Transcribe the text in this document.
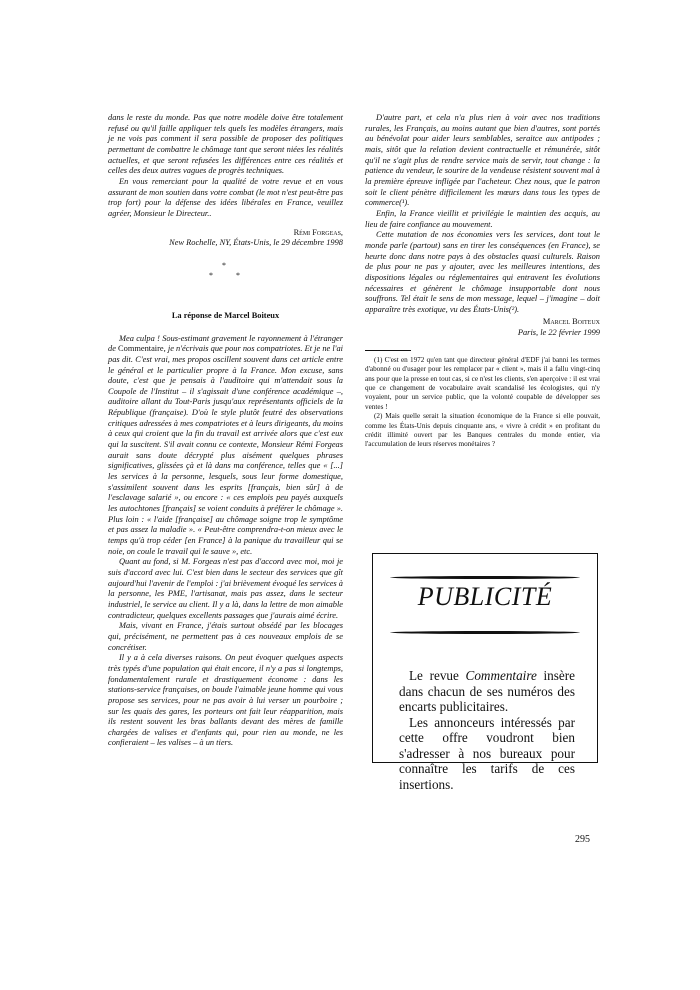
dans le reste du monde. Pas que notre modèle doive être totalement refusé ou qu'il faille appliquer tels quels les modèles étrangers, mais je ne vois pas comment il sera possible de proposer des politiques permettant de combattre le chômage tant que seront niées les réalités actuelles, et que seront refusées les différences entre ces réalités et celles des deux autres vagues de progrès techniques.

En vous remerciant pour la qualité de votre revue et en vous assurant de mon soutien dans votre combat (le mot n'est peut-être pas trop fort) pour la défense des idées libérales en France, veuillez agréer, Monsieur le Directeur..

Rémi Forgeas,

New Rochelle, NY, États-Unis, le 29 décembre 1998

*
*	*
La réponse de Marcel Boiteux

Mea culpa ! Sous-estimant gravement le rayonnement à l'étranger de Commentaire, je n'écrivais que pour nos compatriotes. Et je ne l'ai pas dit. C'est vrai, mes propos oscillent souvent dans cet article entre le général et le particulier propre à la France. Mon excuse, sans doute, c'est que je pensais à l'auditoire qui m'attendait sous la Coupole de l'Institut – il s'agissait d'une conférence académique –, auditoire allant du Tout-Paris jusqu'aux représentants officiels de la République (française). D'où le style plutôt feutré des observations critiques adressées à mes compatriotes et à leurs dirigeants, du moins à ceux qui croient que la fin du travail est arrivée alors que c'est eux qui la suscitent. S'il avait connu ce contexte, Monsieur Rémi Forgeas aurait sans doute décrypté plus aisément quelques phrases significatives, glissées çà et là dans ma conférence, telles que « [...] les services à la personne, lesquels, sous leur forme domestique, s'assimilent souvent dans les esprits [français, bien sûr] à de l'esclavage salarié », ou encore : « ces emplois peu payés auxquels les autochtones [français] se voient conduits à préférer le chômage ». Plus loin : « l'aide [française] au chômage soigne trop le symptôme et pas assez la maladie ». « Peut-être comprendra-t-on mieux avec le temps qu'à trop céder [en France] à la panique du travailleur qui se noie, on coule le travail qui le sauve », etc.

Quant au fond, si M. Forgeas n'est pas d'accord avec moi, moi je suis d'accord avec lui. C'est bien dans le secteur des services que gît aujourd'hui l'avenir de l'emploi : j'ai brièvement évoqué les services à la personne, les PME, l'artisanat, mais pas assez, dans le secteur industriel, le service au client. Il y a là, dans la lettre de mon aimable contradicteur, quelques excellents passages que j'aurais aimé écrire.

Mais, vivant en France, j'étais surtout obsédé par les blocages qui, précisément, ne permettent pas à ces nouveaux emplois de se concrétiser.

Il y a à cela diverses raisons. On peut évoquer quelques aspects très typés d'une population qui était encore, il n'y a pas si longtemps, fondamentalement rurale et drastiquement économe : dans les stations-service françaises, on boude l'aimable jeune homme qui vous propose ses services, pour ne pas avoir à lui verser un pourboire ; sur les quais des gares, les porteurs ont fait leur réapparition, mais ils restent souvent les bras ballants devant des mères de famille chargées de valises et d'enfants qui, pour rien au monde, ne les confieraient – les valises – à un tiers.

D'autre part, et cela n'a plus rien à voir avec nos traditions rurales, les Français, au moins autant que bien d'autres, sont portés au bénévolat pour aider leurs semblables, seraitce aux antipodes ; mais, sitôt que la relation devient contractuelle et rémunérée, sitôt qu'il ne s'agit plus de rendre service mais de servir, tout change : la patience du vendeur, le sourire de la vendeuse résistent souvent mal à la première épreuve infligée par l'acheteur. Chez nous, que le patron soit le client pénètre difficilement les mœurs dans tous les types de commerce(¹).

Enfin, la France vieillit et privilégie le maintien des acquis, au lieu de faire confiance au mouvement.

Cette mutation de nos économies vers les services, dont tout le monde parle (partout) sans en tirer les conséquences (en France), se heurte donc dans notre pays à des obstacles quasi culturels. Raison de plus pour ne pas y ajouter, avec les meilleures intentions, des dispositions légales ou réglementaires qui entravent les évolutions nécessaires et génèrent le chômage insupportable dont nous souffrons. Tel était le sens de mon message, lequel – j'imagine – doit apparaître très exotique, vu des États-Unis(²).

Marcel Boiteux

Paris, le 22 février 1999

(1) C'est en 1972 qu'en tant que directeur général d'EDF j'ai banni les termes d'abonné ou d'usager pour les remplacer par « client », mais il a fallu vingt-cinq ans pour que la presse en tout cas, si ce n'est les clients, s'en aperçoive : il est vrai que ce changement de vocabulaire avait scandalisé les écologistes, qui n'y voyaient, pour un service public, que la volonté coupable de développer ses ventes !

(2) Mais quelle serait la situation économique de la France si elle pouvait, comme les États-Unis depuis cinquante ans, « vivre à crédit » en profitant du crédit illimité ouvert par les Banques centrales du monde entier, via l'accumulation de leurs réserves monétaires ?

PUBLICITÉ

Le revue Commentaire insère dans chacun de ses numéros des encarts publicitaires.

Les annonceurs intéressés par cette offre voudront bien s'adresser à nos bureaux pour connaître les tarifs de ces insertions.

295
